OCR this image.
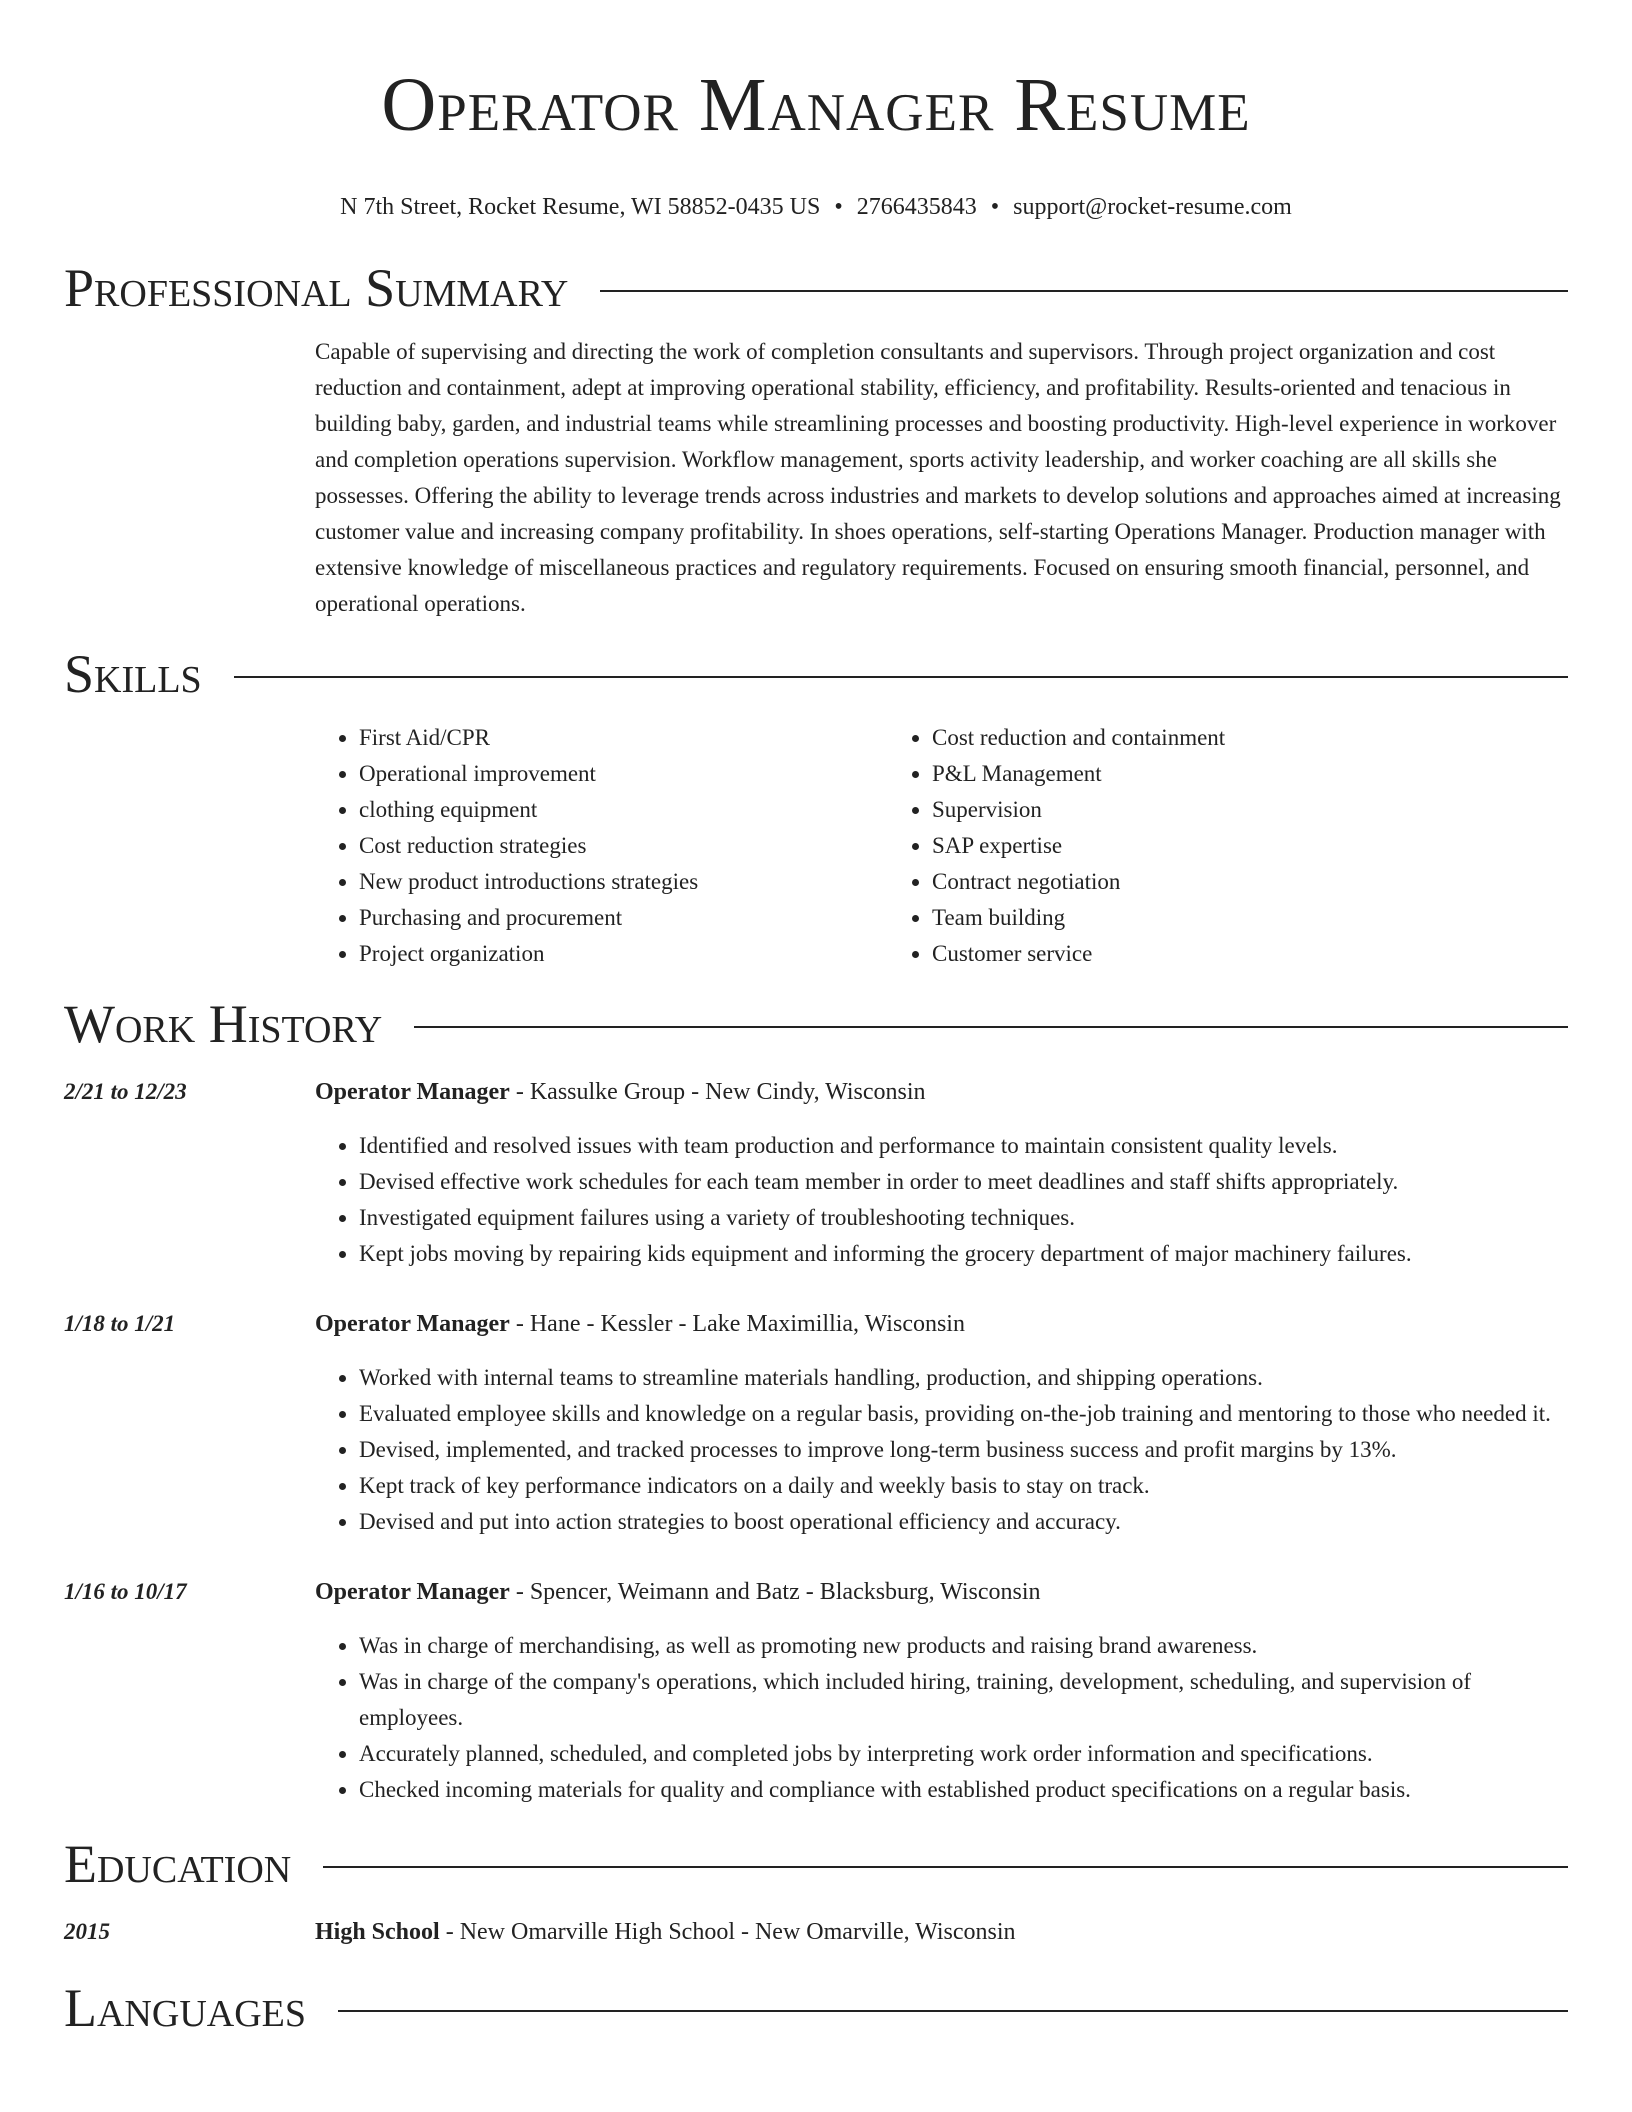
Operator Manager Resume
N 7th Street, Rocket Resume, WI 58852-0435 US • 2766435843 • support@rocket-resume.com
Professional Summary

Capable of supervising and directing the work of completion consultants and supervisors. Through project organization and cost reduction and containment, adept at improving operational stability, efficiency, and profitability. Results-oriented and tenacious in building baby, garden, and industrial teams while streamlining processes and boosting productivity. High-level experience in workover and completion operations supervision. Workflow management, sports activity leadership, and worker coaching are all skills she possesses. Offering the ability to leverage trends across industries and markets to develop solutions and approaches aimed at increasing customer value and increasing company profitability. In shoes operations, self-starting Operations Manager. Production manager with extensive knowledge of miscellaneous practices and regulatory requirements. Focused on ensuring smooth financial, personnel, and operational operations.

Skills
• First Aid/CPR
• Operational improvement
• clothing equipment
• Cost reduction strategies
• New product introductions strategies
• Purchasing and procurement
• Project organization
• Cost reduction and containment
• P&L Management
• Supervision
• SAP expertise
• Contract negotiation
• Team building
• Customer service
Work History
2/21 to 12/23	Operator Manager - Kassulke Group - New Cindy, Wisconsin
• Identified and resolved issues with team production and performance to maintain consistent quality levels.
• Devised effective work schedules for each team member in order to meet deadlines and staff shifts appropriately.
• Investigated equipment failures using a variety of troubleshooting techniques.
• Kept jobs moving by repairing kids equipment and informing the grocery department of major machinery failures.
1/18 to 1/21	Operator Manager - Hane - Kessler - Lake Maximillia, Wisconsin
• Worked with internal teams to streamline materials handling, production, and shipping operations.
• Evaluated employee skills and knowledge on a regular basis, providing on-the-job training and mentoring to those who needed it.
• Devised, implemented, and tracked processes to improve long-term business success and profit margins by 13%.
• Kept track of key performance indicators on a daily and weekly basis to stay on track.
• Devised and put into action strategies to boost operational efficiency and accuracy.
1/16 to 10/17	Operator Manager - Spencer, Weimann and Batz - Blacksburg, Wisconsin
• Was in charge of merchandising, as well as promoting new products and raising brand awareness.
• Was in charge of the company's operations, which included hiring, training, development, scheduling, and supervision of employees.
• Accurately planned, scheduled, and completed jobs by interpreting work order information and specifications.
• Checked incoming materials for quality and compliance with established product specifications on a regular basis.
Education
2015	High School - New Omarville High School - New Omarville, Wisconsin
Languages
